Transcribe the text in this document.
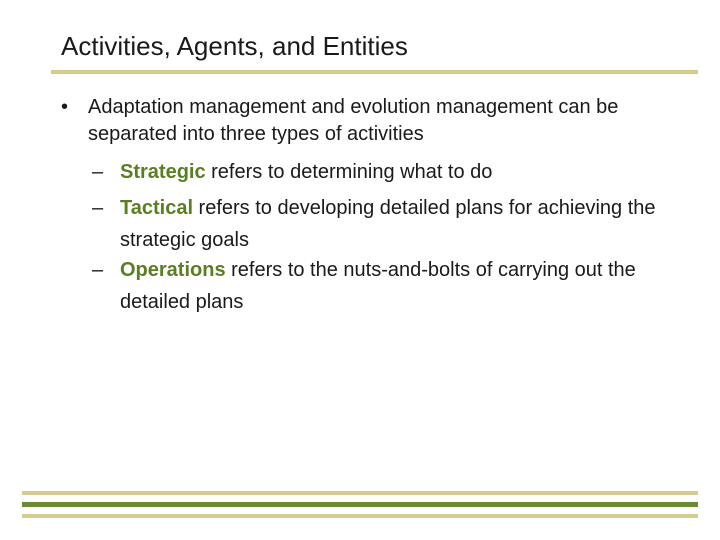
Activities, Agents, and Entities
• Adaptation management and evolution management can be separated into three types of activities
– Strategic refers to determining what to do
– Tactical refers to developing detailed plans for achieving the strategic goals
– Operations refers to the nuts-and-bolts of carrying out the detailed plans
